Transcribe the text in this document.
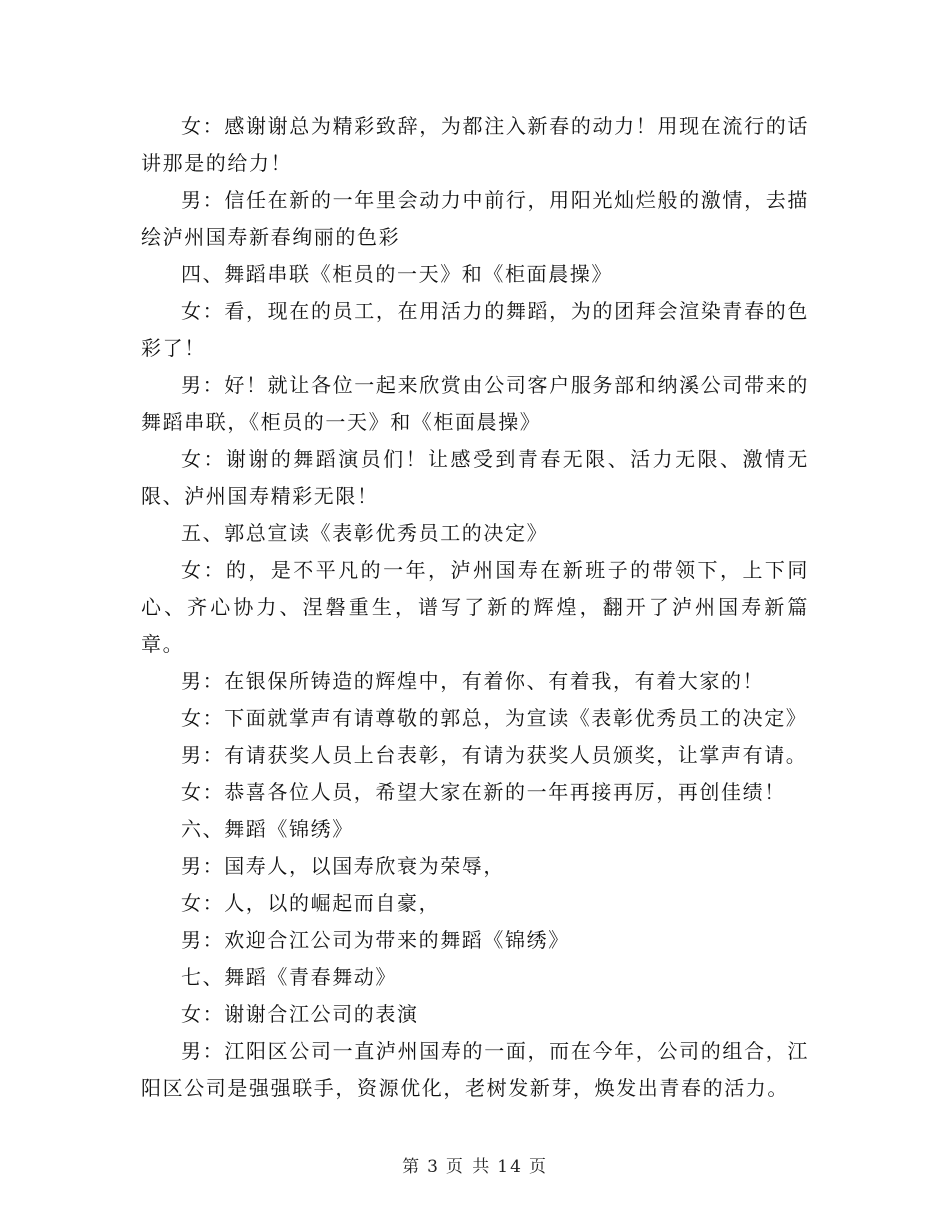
女：感谢谢总为精彩致辞，为都注入新春的动力！用现在流行的话讲那是的给力！

男：信任在新的一年里会动力中前行，用阳光灿烂般的激情，去描绘泸州国寿新春绚丽的色彩

四、舞蹈串联《柜员的一天》和《柜面晨操》

女：看，现在的员工，在用活力的舞蹈，为的团拜会渲染青春的色彩了！

男：好！就让各位一起来欣赏由公司客户服务部和纳溪公司带来的舞蹈串联，《柜员的一天》和《柜面晨操》

女：谢谢的舞蹈演员们！让感受到青春无限、活力无限、激情无限、泸州国寿精彩无限！

五、郭总宣读《表彰优秀员工的决定》

女：的，是不平凡的一年，泸州国寿在新班子的带领下，上下同心、齐心协力、涅磐重生，谱写了新的辉煌，翻开了泸州国寿新篇章。

男：在银保所铸造的辉煌中，有着你、有着我，有着大家的！

女：下面就掌声有请尊敬的郭总，为宣读《表彰优秀员工的决定》

男：有请获奖人员上台表彰，有请为获奖人员颁奖，让掌声有请。

女：恭喜各位人员，希望大家在新的一年再接再厉，再创佳绩！

六、舞蹈《锦绣》

男：国寿人，以国寿欣衰为荣辱，

女：人，以的崛起而自豪，

男：欢迎合江公司为带来的舞蹈《锦绣》

七、舞蹈《青春舞动》

女：谢谢合江公司的表演

男：江阳区公司一直泸州国寿的一面，而在今年，公司的组合，江阳区公司是强强联手，资源优化，老树发新芽，焕发出青春的活力。

第 3 页 共 14 页
